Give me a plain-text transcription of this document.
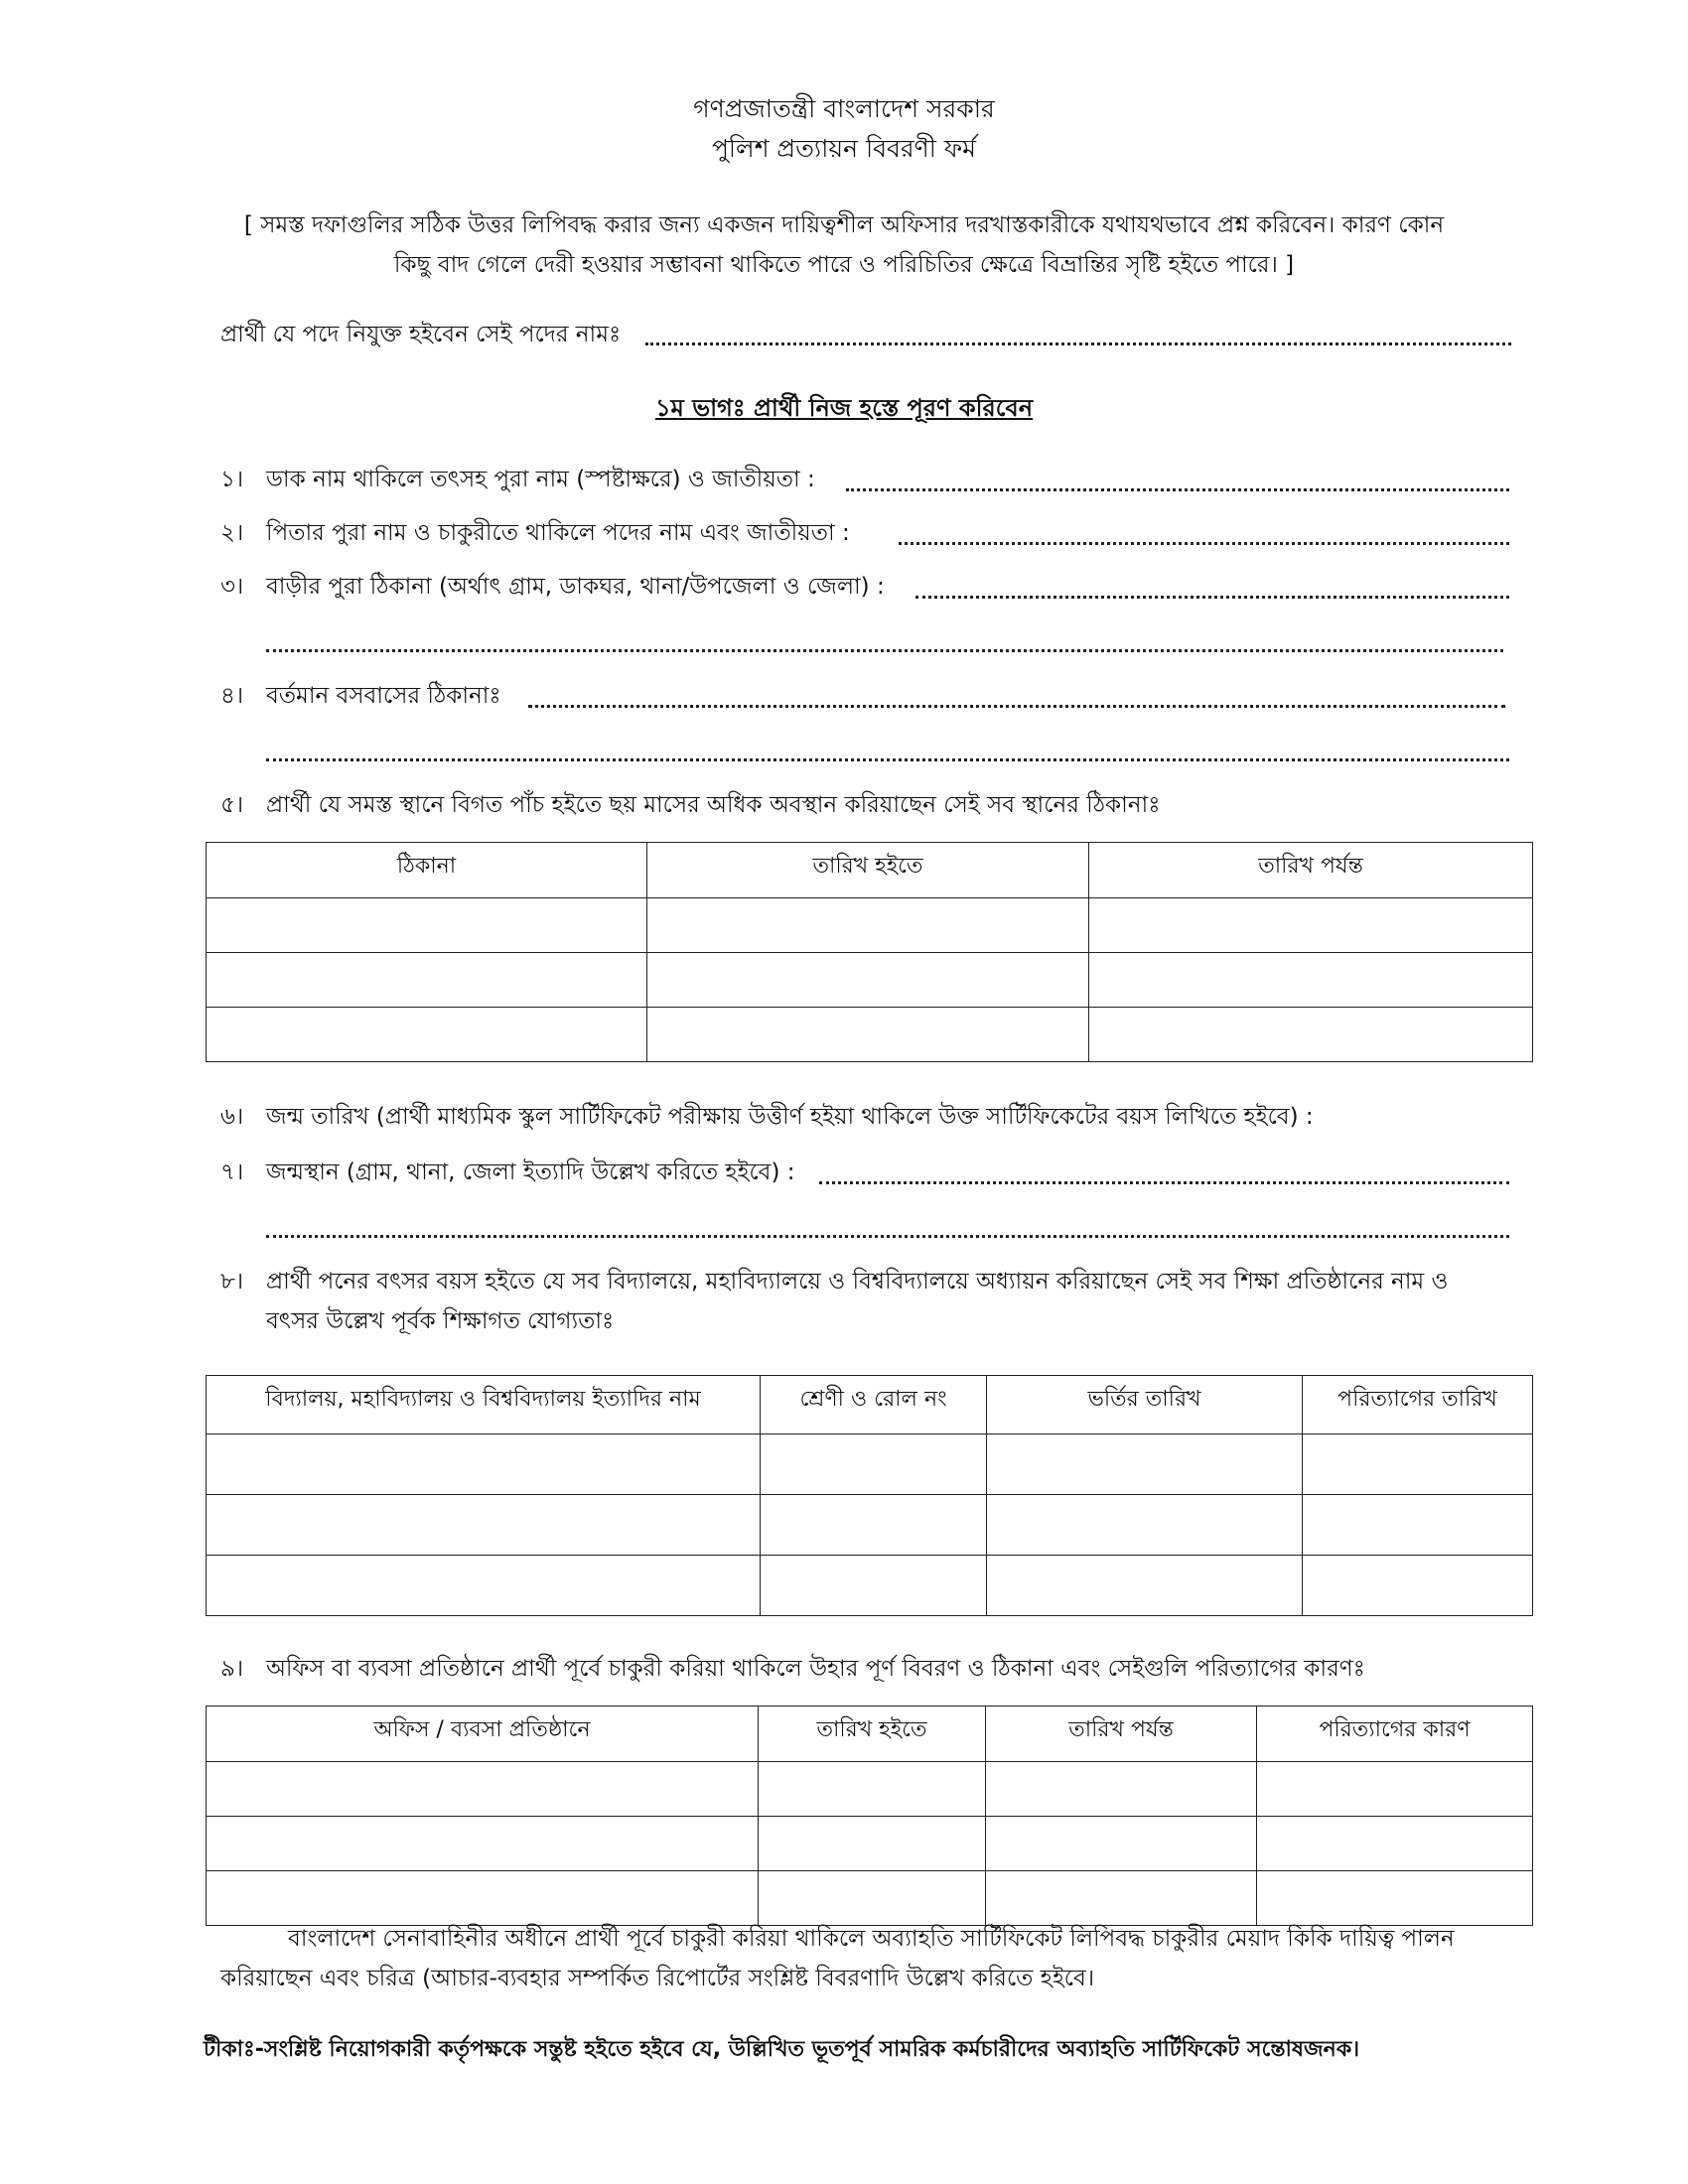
গণপ্রজাতন্ত্রী বাংলাদেশ সরকার
পুলিশ প্রত্যায়ন বিবরণী ফর্ম
[ সমস্ত দফাগুলির সঠিক উত্তর লিপিবদ্ধ করার জন্য একজন দায়িত্বশীল অফিসার দরখাস্তকারীকে যথাযথভাবে প্রশ্ন করিবেন। কারণ কোন
কিছু বাদ গেলে দেরী হওয়ার সম্ভাবনা থাকিতে পারে ও পরিচিতির ক্ষেত্রে বিভ্রান্তির সৃষ্টি হইতে পারে। ]
প্রার্থী যে পদে নিযুক্ত হইবেন সেই পদের নামঃ
১ম ভাগঃ প্রার্থী নিজ হস্তে পূরণ করিবেন
১। ডাক নাম থাকিলে তৎসহ পুরা নাম (স্পষ্টাক্ষরে) ও জাতীয়তা :
২। পিতার পুরা নাম ও চাকুরীতে থাকিলে পদের নাম এবং জাতীয়তা :
৩। বাড়ীর পুরা ঠিকানা (অর্থাৎ গ্রাম, ডাকঘর, থানা/উপজেলা ও জেলা) :
৪। বর্তমান বসবাসের ঠিকানাঃ
৫। প্রার্থী যে সমস্ত স্থানে বিগত পাঁচ হইতে ছয় মাসের অধিক অবস্থান করিয়াছেন সেই সব স্থানের ঠিকানাঃ
ঠিকানা	তারিখ হইতে	তারিখ পর্যন্ত

৬। জন্ম তারিখ (প্রার্থী মাধ্যমিক স্কুল সার্টিফিকেট পরীক্ষায় উত্তীর্ণ হইয়া থাকিলে উক্ত সার্টিফিকেটের বয়স লিখিতে হইবে) :
৭। জন্মস্থান (গ্রাম, থানা, জেলা ইত্যাদি উল্লেখ করিতে হইবে) :
৮। প্রার্থী পনের বৎসর বয়স হইতে যে সব বিদ্যালয়ে, মহাবিদ্যালয়ে ও বিশ্ববিদ্যালয়ে অধ্যায়ন করিয়াছেন সেই সব শিক্ষা প্রতিষ্ঠানের নাম ও
বৎসর উল্লেখ পূর্বক শিক্ষাগত যোগ্যতাঃ
বিদ্যালয়, মহাবিদ্যালয় ও বিশ্ববিদ্যালয় ইত্যাদির নাম	শ্রেণী ও রোল নং	ভর্তির তারিখ	পরিত্যাগের তারিখ

৯। অফিস বা ব্যবসা প্রতিষ্ঠানে প্রার্থী পূর্বে চাকুরী করিয়া থাকিলে উহার পূর্ণ বিবরণ ও ঠিকানা এবং সেইগুলি পরিত্যাগের কারণঃ
অফিস / ব্যবসা প্রতিষ্ঠানে	তারিখ হইতে	তারিখ পর্যন্ত	পরিত্যাগের কারণ

বাংলাদেশ সেনাবাহিনীর অধীনে প্রার্থী পূর্বে চাকুরী করিয়া থাকিলে অব্যাহতি সার্টিফিকেট লিপিবদ্ধ চাকুরীর মেয়াদ কিকি দায়িত্ব পালন
করিয়াছেন এবং চরিত্র (আচার-ব্যবহার সম্পর্কিত রিপোর্টের সংশ্লিষ্ট বিবরণাদি উল্লেখ করিতে হইবে।
টীকাঃ-সংশ্লিষ্ট নিয়োগকারী কর্তৃপক্ষকে সন্তুষ্ট হইতে হইবে যে, উল্লিখিত ভূতপূর্ব সামরিক কর্মচারীদের অব্যাহতি সার্টিফিকেট সন্তোষজনক।
